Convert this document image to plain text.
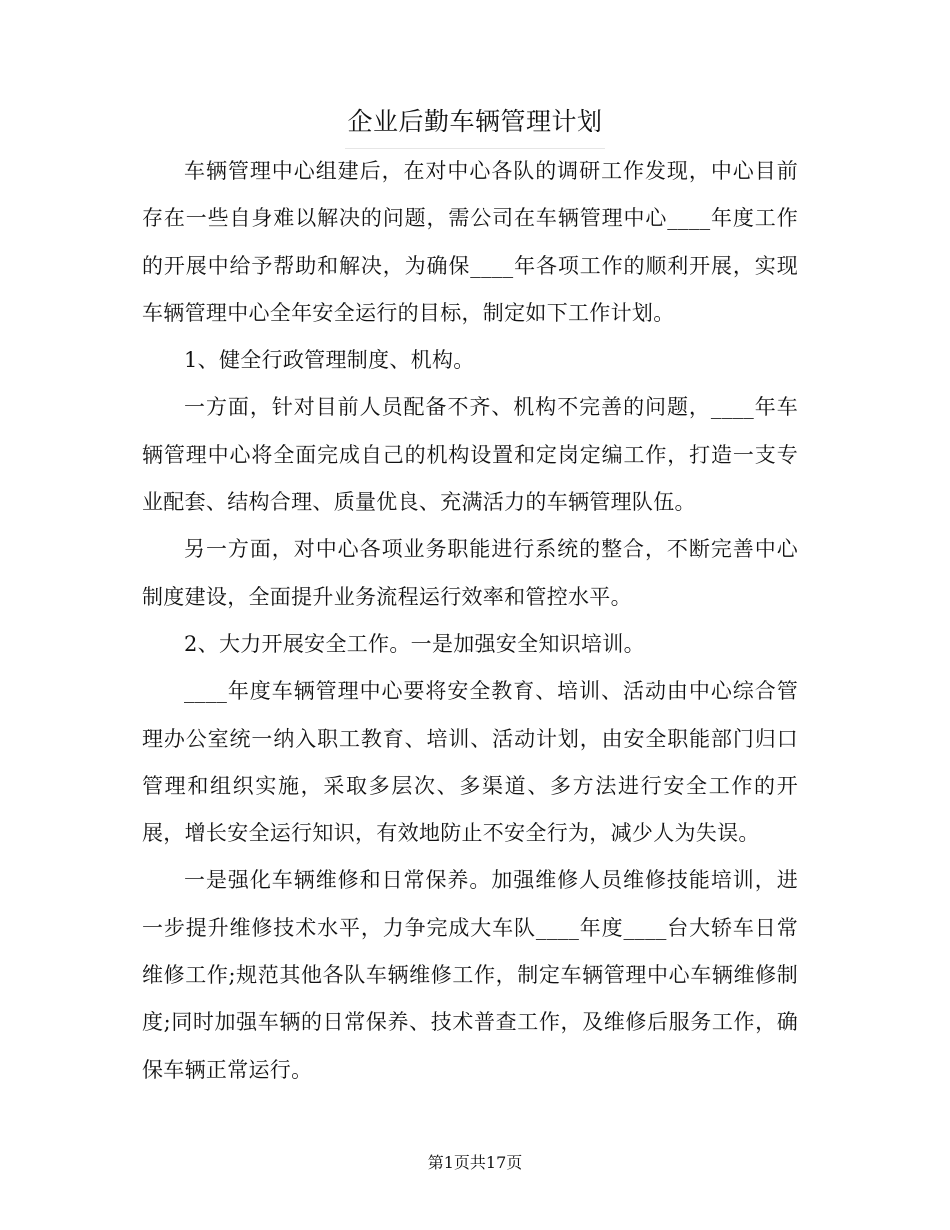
企业后勤车辆管理计划

车辆管理中心组建后，在对中心各队的调研工作发现，中心目前存在一些自身难以解决的问题，需公司在车辆管理中心____年度工作的开展中给予帮助和解决，为确保____年各项工作的顺利开展，实现车辆管理中心全年安全运行的目标，制定如下工作计划。

1、健全行政管理制度、机构。

一方面，针对目前人员配备不齐、机构不完善的问题，____年车辆管理中心将全面完成自己的机构设置和定岗定编工作，打造一支专业配套、结构合理、质量优良、充满活力的车辆管理队伍。

另一方面，对中心各项业务职能进行系统的整合，不断完善中心制度建设，全面提升业务流程运行效率和管控水平。

2、大力开展安全工作。一是加强安全知识培训。

____年度车辆管理中心要将安全教育、培训、活动由中心综合管理办公室统一纳入职工教育、培训、活动计划，由安全职能部门归口管理和组织实施，采取多层次、多渠道、多方法进行安全工作的开展，增长安全运行知识，有效地防止不安全行为，减少人为失误。

一是强化车辆维修和日常保养。加强维修人员维修技能培训，进一步提升维修技术水平，力争完成大车队____年度____台大轿车日常维修工作;规范其他各队车辆维修工作，制定车辆管理中心车辆维修制度;同时加强车辆的日常保养、技术普查工作，及维修后服务工作，确保车辆正常运行。

第1页共17页
